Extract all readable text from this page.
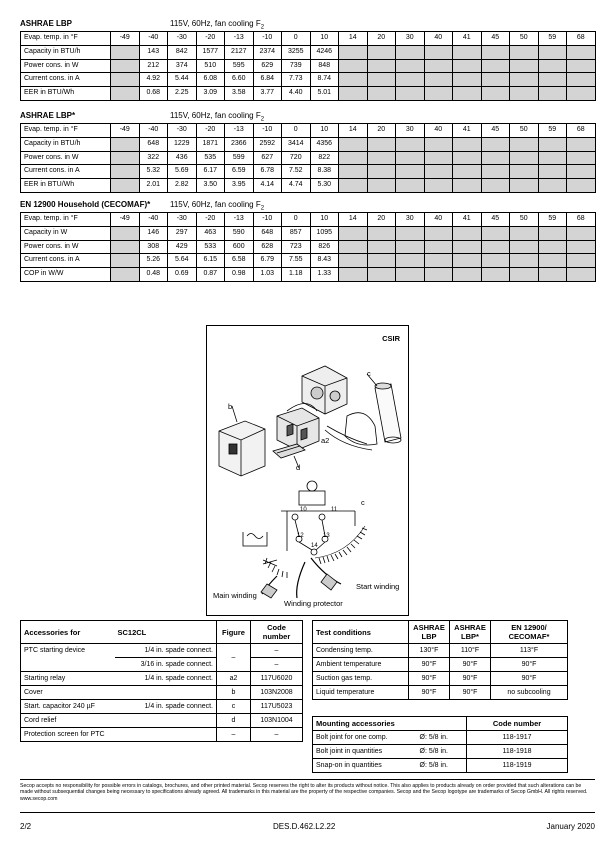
ASHRAE LBP	115V, 60Hz, fan cooling $F_2$
Evap. temp. in °F	-49	-40	-30	-20	-13	-10	0	10	14	20	30	40	41	45	50	59	68
Capacity in BTU/h		143	842	1577	2127	2374	3255	4246									
Power cons. in W		212	374	510	595	629	739	848									
Current cons. in A		4.92	5.44	6.08	6.60	6.84	7.73	8.74									
EER in BTU/Wh		0.68	2.25	3.09	3.58	3.77	4.40	5.01									
ASHRAE LBP*	115V, 60Hz, fan cooling $F_2$
Evap. temp. in °F	-49	-40	-30	-20	-13	-10	0	10	14	20	30	40	41	45	50	59	68
Capacity in BTU/h		648	1229	1871	2366	2592	3414	4356									
Power cons. in W		322	436	535	599	627	720	822									
Current cons. in A		5.32	5.69	6.17	6.59	6.78	7.52	8.38									
EER in BTU/Wh		2.01	2.82	3.50	3.95	4.14	4.74	5.30									
EN 12900 Household (CECOMAF)* 115V, 60Hz, fan cooling $F_2$
Evap. temp. in °F	-49	-40	-30	-20	-13	-10	0	10	14	20	30	40	41	45	50	59	68
Capacity in W		146	297	463	590	648	857	1095									
Power cons. in W		308	429	533	600	628	723	826									
Current cons. in A		5.26	5.64	6.15	6.58	6.79	7.55	8.43									
COP in W/W		0.48	0.69	0.87	0.98	1.03	1.18	1.33									
CSIR
b
c
a2
d
c
10	11
12	13
14
Main winding
Start winding
Winding protector
Accessories for	SC12CL	Figure	Code number
PTC starting device	1/4 in. spade connect.	–	–
	3/16 in. spade connect.		–
Starting relay	1/4 in. spade connect.	a2	117U6020
Cover		b	103N2008
Start. capacitor 240 µF	1/4 in. spade connect.	c	117U5023
Cord relief		d	103N1004
Protection screen for PTC		–	–
Test conditions	ASHRAE LBP	ASHRAE LBP*	EN 12900/ CECOMAF*
Condensing temp.	130°F	110°F	113°F
Ambient temperature	90°F	90°F	90°F
Suction gas temp.	90°F	90°F	90°F
Liquid temperature	90°F	90°F	no subcooling
Mounting accessories		Code number
Bolt joint for one comp.	Ø: 5/8 in.	118-1917
Bolt joint in quantities	Ø: 5/8 in.	118-1918
Snap-on in quantities	Ø: 5/8 in.	118-1919
Secop accepts no responsibility for possible errors in catalogs, brochures, and other printed material. Secop reserves the right to alter its products without notice. This also applies to products already on order provided that such alterations can be made without subsequential changes being necessary to specifications already agreed. All trademarks in this material are the property of the respective companies. Secop and the Secop logotype are trademarks of Secop GmbH. All rights reserved. www.secop.com
2/2	DES.D.462.L2.22	January 2020
